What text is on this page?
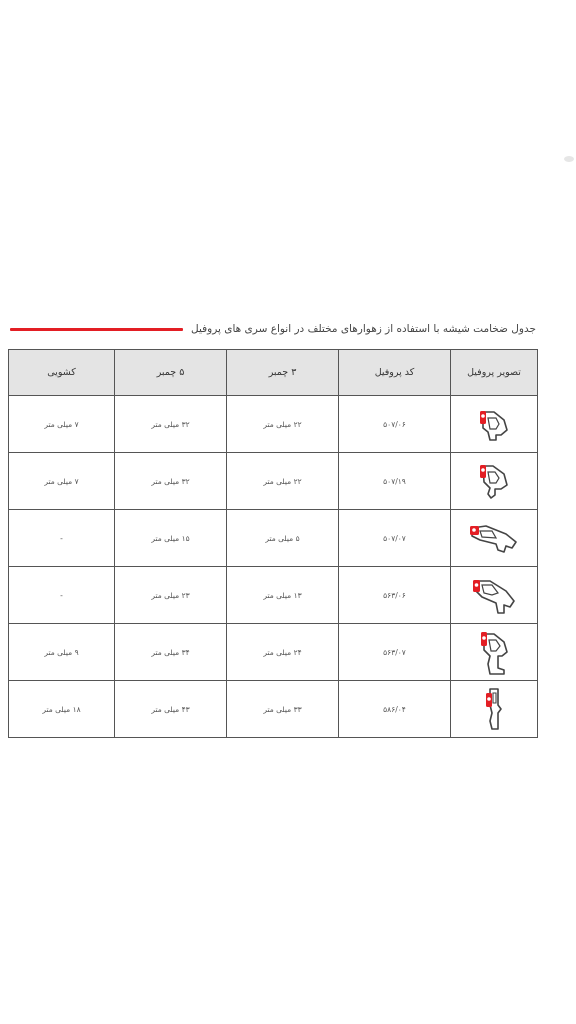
جدول ضخامت شیشه با استفاده از زهوارهای مختلف در انواع سری های پروفیل
تصویر پروفیل	کد پروفیل	۳ چمبر	۵ چمبر	کشویی

	۵۰۷/۰۶	۲۲ میلی متر	۳۲ میلی متر	۷ میلی متر

	۵۰۷/۱۹	۲۲ میلی متر	۳۲ میلی متر	۷ میلی متر

	۵۰۷/۰۷	۵ میلی متر	۱۵ میلی متر	-

	۵۶۳/۰۶	۱۳ میلی متر	۲۳ میلی متر	-

	۵۶۳/۰۷	۲۴ میلی متر	۳۴ میلی متر	۹ میلی متر

	۵۸۶/۰۴	۳۳ میلی متر	۴۳ میلی متر	۱۸ میلی متر
